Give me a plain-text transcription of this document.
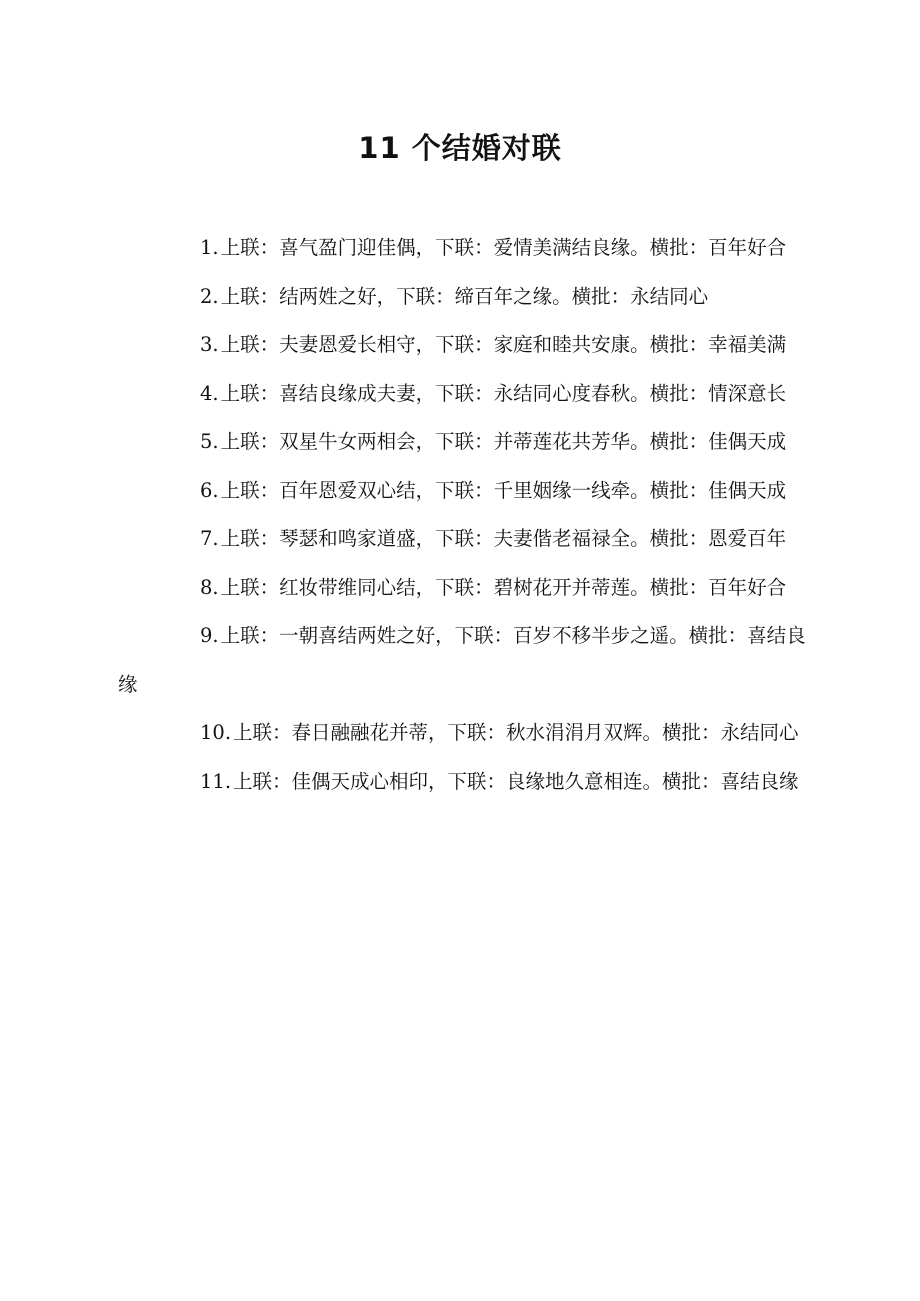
11 个结婚对联
1. 上联：喜气盈门迎佳偶，下联：爱情美满结良缘。横批：百年好合
2. 上联：结两姓之好，下联：缔百年之缘。横批：永结同心
3. 上联：夫妻恩爱长相守，下联：家庭和睦共安康。横批：幸福美满
4. 上联：喜结良缘成夫妻，下联：永结同心度春秋。横批：情深意长
5. 上联：双星牛女两相会，下联：并蒂莲花共芳华。横批：佳偶天成
6. 上联：百年恩爱双心结，下联：千里姻缘一线牵。横批：佳偶天成
7. 上联：琴瑟和鸣家道盛，下联：夫妻偕老福禄全。横批：恩爱百年
8. 上联：红妆带维同心结，下联：碧树花开并蒂莲。横批：百年好合
9. 上联：一朝喜结两姓之好，下联：百岁不移半步之遥。横批：喜结良缘
10. 上联：春日融融花并蒂，下联：秋水涓涓月双辉。横批：永结同心
11. 上联：佳偶天成心相印，下联：良缘地久意相连。横批：喜结良缘
